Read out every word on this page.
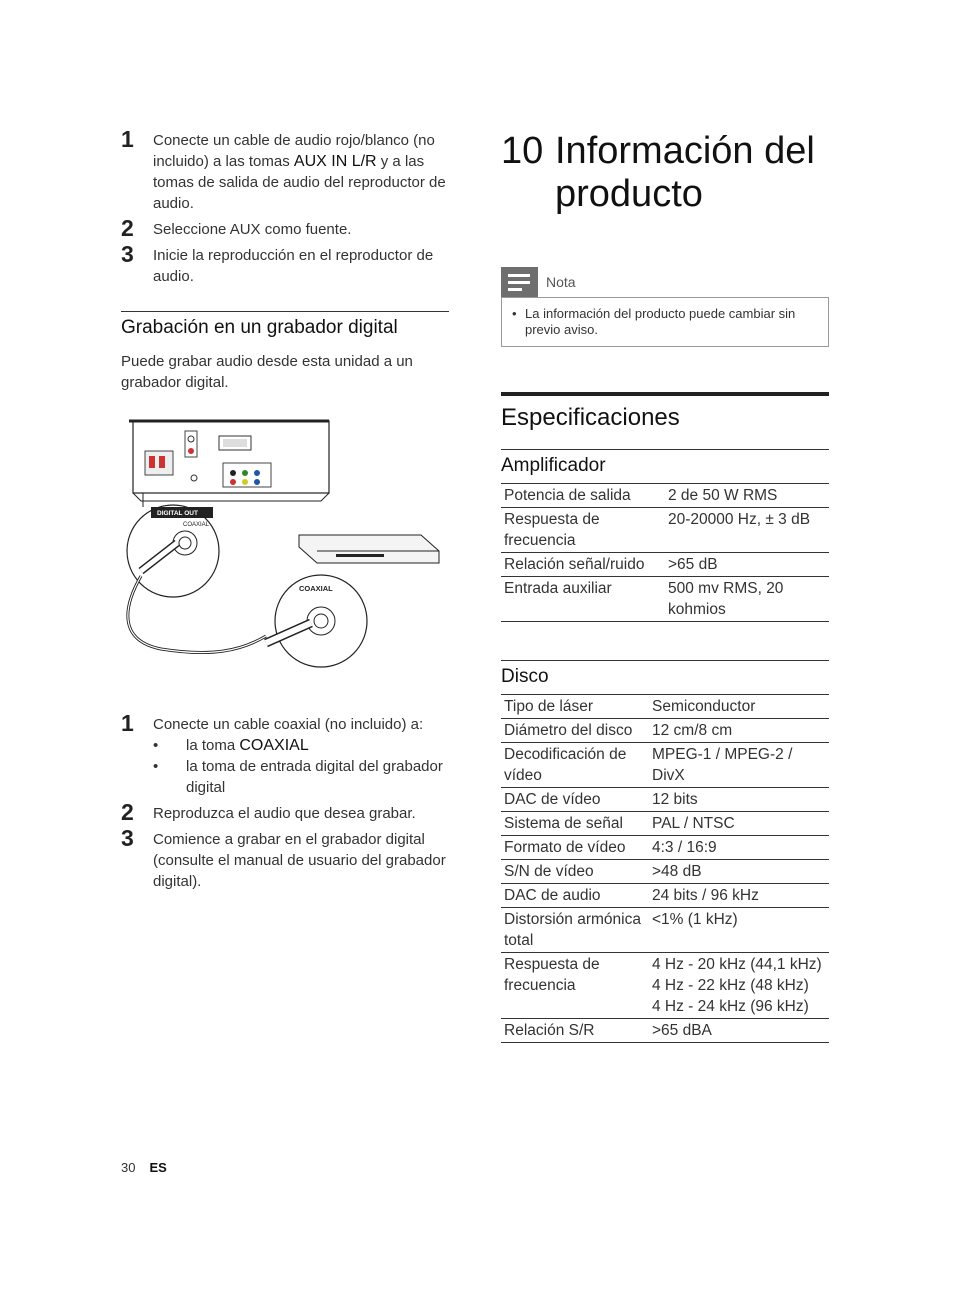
1 Conecte un cable de audio rojo/blanco (no incluido) a las tomas AUX IN L/R y a las tomas de salida de audio del reproductor de audio.
2 Seleccione AUX como fuente.
3 Inicie la reproducción en el reproductor de audio.
Grabación en un grabador digital
Puede grabar audio desde esta unidad a un grabador digital.
DIGITAL OUT
COAXIAL
COAXIAL
1 Conecte un cable coaxial (no incluido) a:
• la toma COAXIAL
• la toma de entrada digital del grabador digital
2 Reproduzca el audio que desea grabar.
3 Comience a grabar en el grabador digital (consulte el manual de usuario del grabador digital).
10 Información del producto
Nota
• La información del producto puede cambiar sin previo aviso.
Especificaciones
Amplificador
Potencia de salida	2 de 50 W RMS
Respuesta de frecuencia	20-20000 Hz, ± 3 dB
Relación señal/ruido	>65 dB
Entrada auxiliar	500 mv RMS, 20 kohmios
Disco
Tipo de láser	Semiconductor
Diámetro del disco	12 cm/8 cm
Decodificación de vídeo	MPEG-1 / MPEG-2 / DivX
DAC de vídeo	12 bits
Sistema de señal	PAL / NTSC
Formato de vídeo	4:3 / 16:9
S/N de vídeo	>48 dB
DAC de audio	24 bits / 96 kHz
Distorsión armónica total	<1% (1 kHz)
Respuesta de frecuencia	4 Hz - 20 kHz (44,1 kHz)
4 Hz - 22 kHz (48 kHz)
4 Hz - 24 kHz (96 kHz)
Relación S/R	>65 dBA
30 ES
